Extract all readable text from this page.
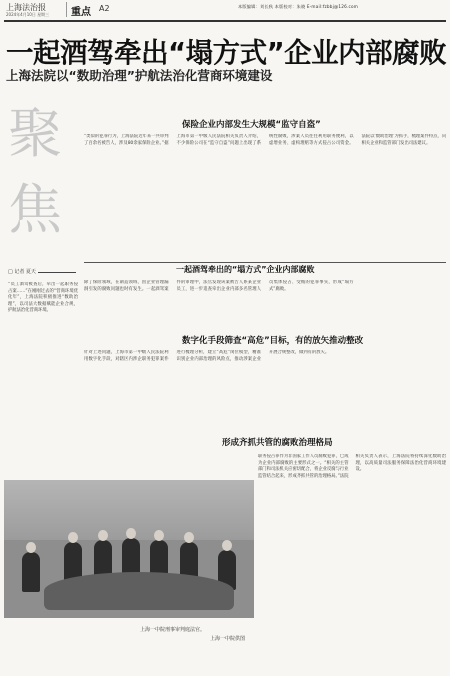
上海法治报
2024年4月10日 星期三 重点 A2	本版编辑：刘长秋 本版校对：朱晓 E-mail:fzbbj@126.com
一起酒驾牵出“塌方式”企业内部腐败
上海法院以“数助治理”护航法治化营商环境建设
聚
焦
□ 记者 夏天
“员工酒驾被查后，牵出一起职务侵占案……”在刚刚过去的“营商环境优化年”，上海法院积极推进“数助治理”，以司法大数据赋能企业合规，护航法治化营商环境。
保险企业内部发生大规模“监守自盗”
“类似的犯罪行为，上海法院近年来一共审判了百余名被告人，涉及80余家保险企业。”据上海市第一中级人民法院相关负责人介绍，不少保险公司在“监守自盗”问题上出现了系统性腐败，涉案人员往往利用职务便利，以虚增业务、虚构理赔等方式侵占公司资金。法院以‘数助治理’为抓手，梳理案件特点，向相关企业和监管部门发出司法建议。
一起酒驾牵出的“塌方式”企业内部腐败
除了保险领域，在制造领域、因企业管理漏洞引发的腐败问题也时有发生。一起酒驾案件的审理中，法官发现该案被告人系某企业员工，进一步追查牵出企业内部多名管理人员集体侵占、受贿的犯罪事实，形成“塌方式”腐败。
数字化手段筛查“高危”目标，有的放矢推动整改
针对上述问题，上海市第一中级人民法院利用数字化手段，对辖区内涉企职务犯罪案件进行梳理分析，建立“高危”岗位模型，精准识别企业内部治理的风险点，推动涉案企业开展合规整改，做到有的放矢。
形成齐抓共管的腐败治理格局
职务侵占罪作为非国家工作人员腐败犯罪，已成为企业内部腐败的主要形式之一。“相关的主管部门和司法机关应密切配合，将企业反腐与行业监管结合起来，形成齐抓共管的治理格局。”法院相关负责人表示，上海法院将持续深化数助治理，以高质量司法服务保障法治化营商环境建设。
上海一中院刑事审判庭法官。
上海一中院供图
